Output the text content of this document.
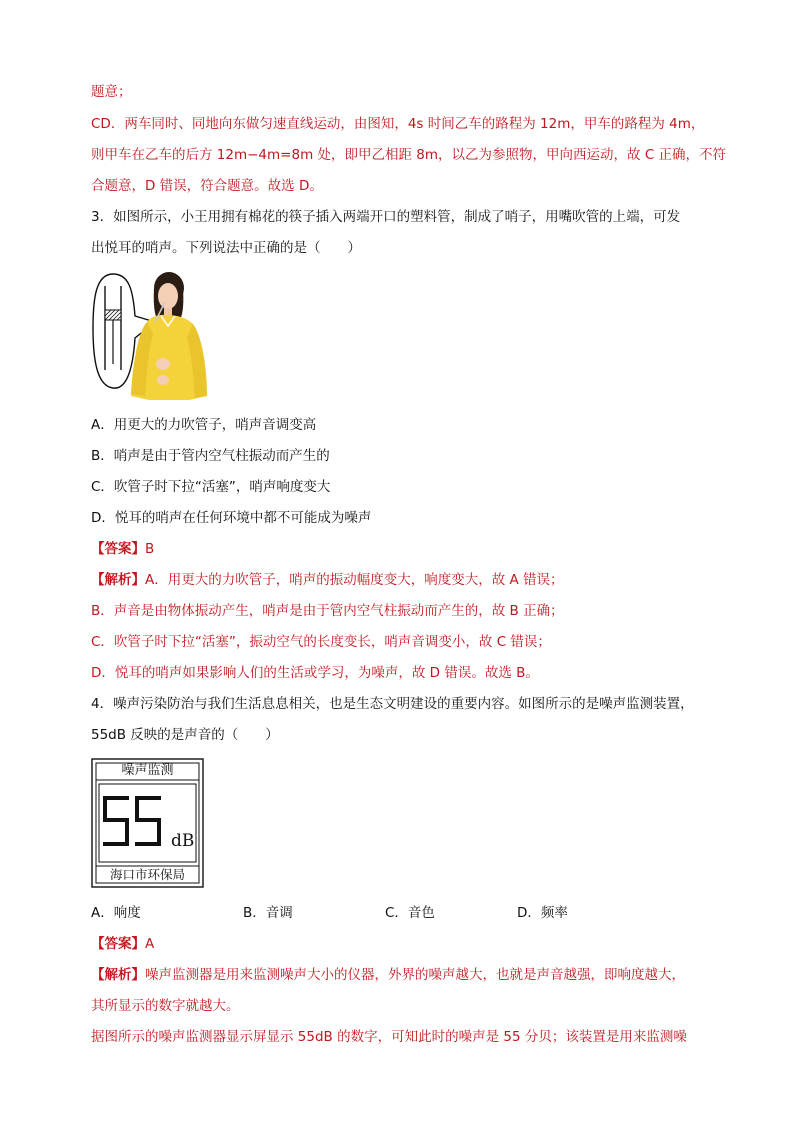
题意；
CD．两车同时、同地向东做匀速直线运动，由图知，4s 时间乙车的路程为 12m，甲车的路程为 4m，
则甲车在乙车的后方 12m−4m=8m 处，即甲乙相距 8m，以乙为参照物，甲向西运动，故 C 正确，不符
合题意，D 错误，符合题意。故选 D。
3．如图所示，小王用拥有棉花的筷子插入两端开口的塑料管，制成了哨子，用嘴吹管的上端，可发
出悦耳的哨声。下列说法中正确的是（　　）
A．用更大的力吹管子，哨声音调变高
B．哨声是由于管内空气柱振动而产生的
C．吹管子时下拉“活塞”，哨声响度变大
D．悦耳的哨声在任何环境中都不可能成为噪声
【答案】B
【解析】A．用更大的力吹管子，哨声的振动幅度变大，响度变大，故 A 错误；
B．声音是由物体振动产生，哨声是由于管内空气柱振动而产生的，故 B 正确；
C．吹管子时下拉“活塞”，振动空气的长度变长，哨声音调变小，故 C 错误；
D．悦耳的哨声如果影响人们的生活或学习，为噪声，故 D 错误。故选 B。
4．噪声污染防治与我们生活息息相关，也是生态文明建设的重要内容。如图所示的是噪声监测装置，
55dB 反映的是声音的（　　）
噪声监测
dB
海口市环保局
A．响度	B．音调	C．音色	D．频率
【答案】A
【解析】噪声监测器是用来监测噪声大小的仪器，外界的噪声越大，也就是声音越强，即响度越大，
其所显示的数字就越大。
据图所示的噪声监测器显示屏显示 55dB 的数字，可知此时的噪声是 55 分贝；该装置是用来监测噪
